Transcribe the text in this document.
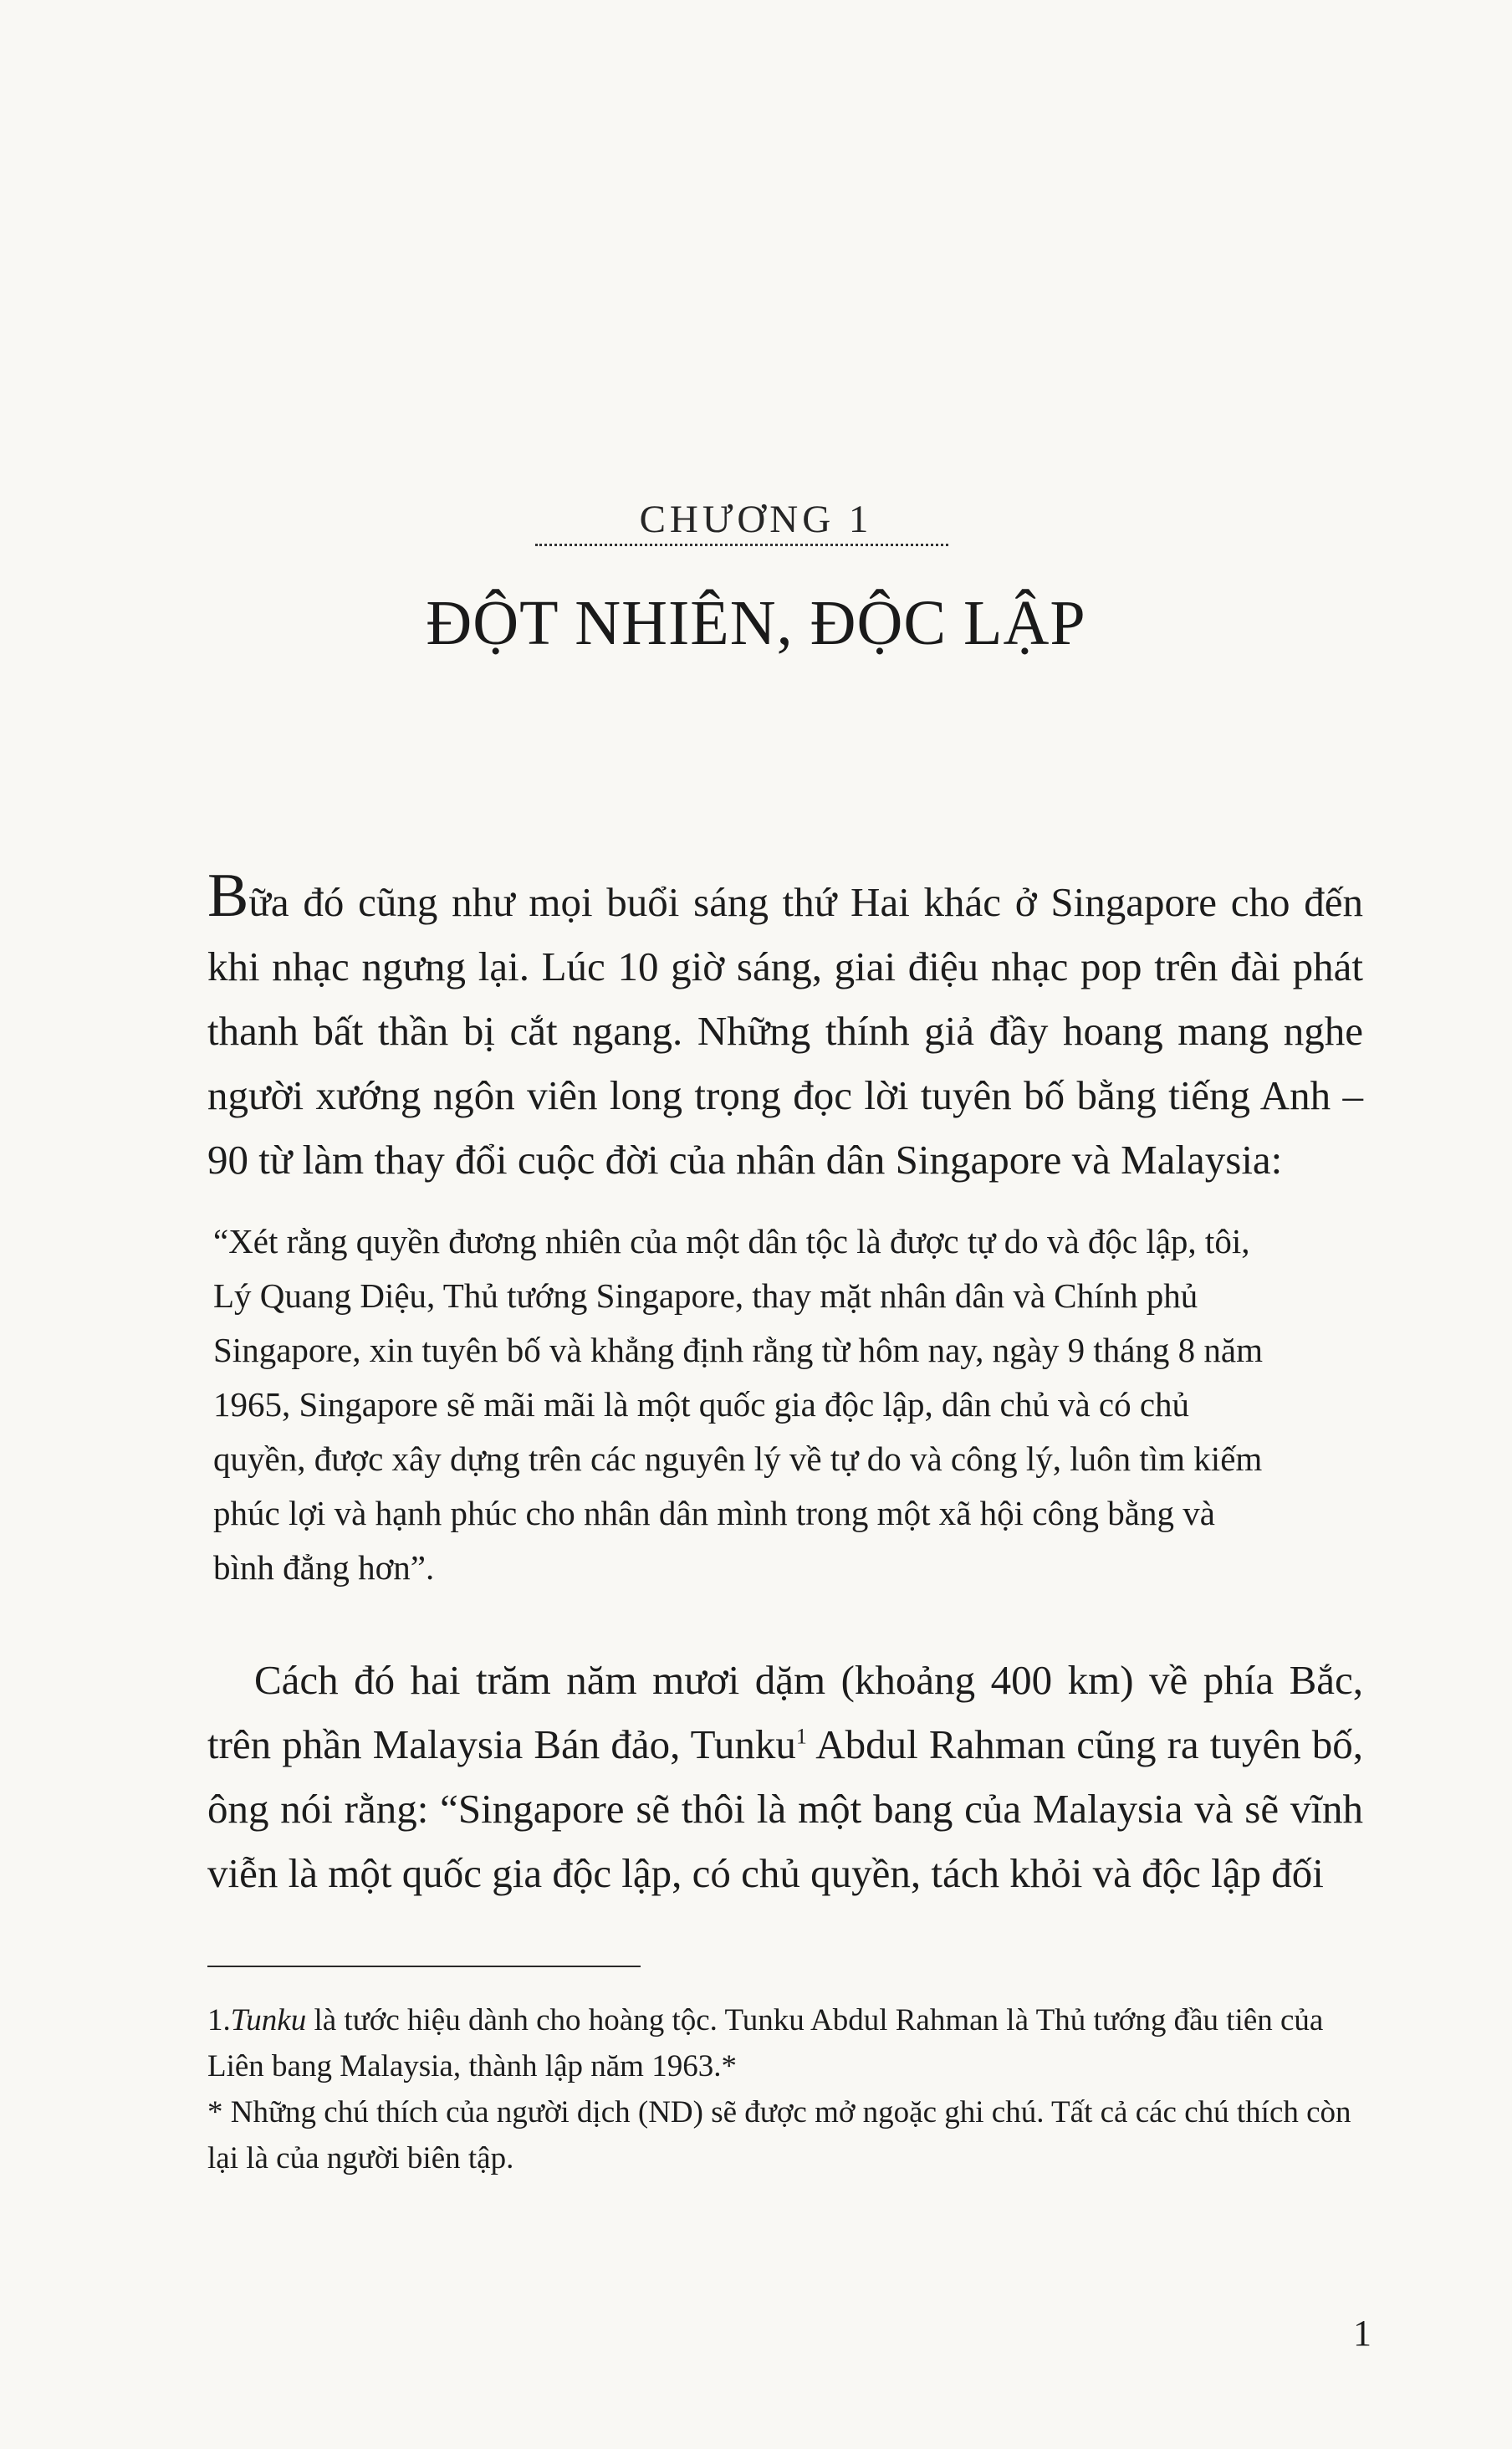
CHƯƠNG 1
ĐỘT NHIÊN, ĐỘC LẬP

Bữa đó cũng như mọi buổi sáng thứ Hai khác ở Singapore cho đến khi nhạc ngưng lại. Lúc 10 giờ sáng, giai điệu nhạc pop trên đài phát thanh bất thần bị cắt ngang. Những thính giả đầy hoang mang nghe người xướng ngôn viên long trọng đọc lời tuyên bố bằng tiếng Anh – 90 từ làm thay đổi cuộc đời của nhân dân Singapore và Malaysia:

“Xét rằng quyền đương nhiên của một dân tộc là được tự do và độc lập, tôi, Lý Quang Diệu, Thủ tướng Singapore, thay mặt nhân dân và Chính phủ Singapore, xin tuyên bố và khẳng định rằng từ hôm nay, ngày 9 tháng 8 năm 1965, Singapore sẽ mãi mãi là một quốc gia độc lập, dân chủ và có chủ quyền, được xây dựng trên các nguyên lý về tự do và công lý, luôn tìm kiếm phúc lợi và hạnh phúc cho nhân dân mình trong một xã hội công bằng và bình đẳng hơn”.

Cách đó hai trăm năm mươi dặm (khoảng 400 km) về phía Bắc, trên phần Malaysia Bán đảo, Tunku$^1$ Abdul Rahman cũng ra tuyên bố, ông nói rằng: “Singapore sẽ thôi là một bang của Malaysia và sẽ vĩnh viễn là một quốc gia độc lập, có chủ quyền, tách khỏi và độc lập đối

1.Tunku là tước hiệu dành cho hoàng tộc. Tunku Abdul Rahman là Thủ tướng đầu tiên của Liên bang Malaysia, thành lập năm 1963.*

* Những chú thích của người dịch (ND) sẽ được mở ngoặc ghi chú. Tất cả các chú thích còn lại là của người biên tập.

1
